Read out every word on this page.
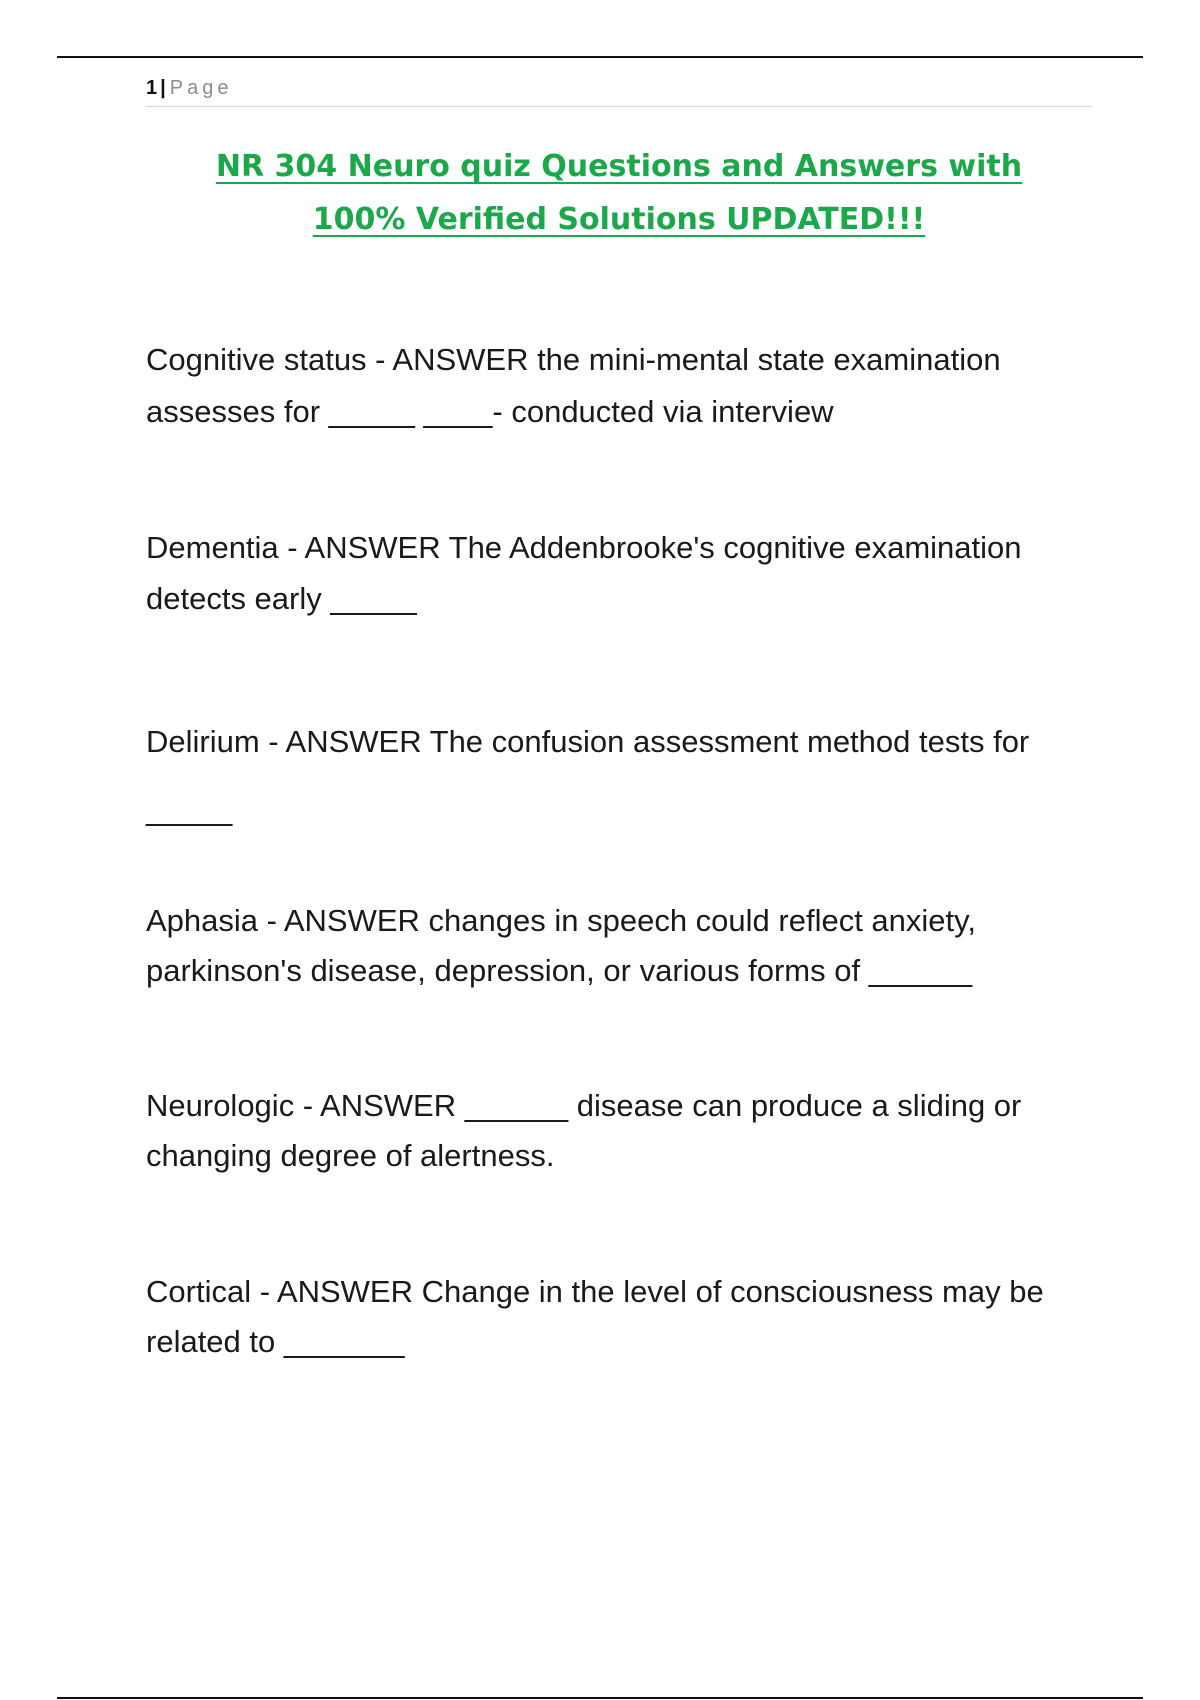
1 | Page
NR 304 Neuro quiz Questions and Answers with
100% Verified Solutions UPDATED!!!
Cognitive status - ANSWER the mini-mental state examination
assesses for _____ ____- conducted via interview
Dementia - ANSWER The Addenbrooke's cognitive examination
detects early _____
Delirium - ANSWER The confusion assessment method tests for
_____
Aphasia - ANSWER changes in speech could reflect anxiety,
parkinson's disease, depression, or various forms of ______
Neurologic - ANSWER ______ disease can produce a sliding or
changing degree of alertness.
Cortical - ANSWER Change in the level of consciousness may be
related to _______
